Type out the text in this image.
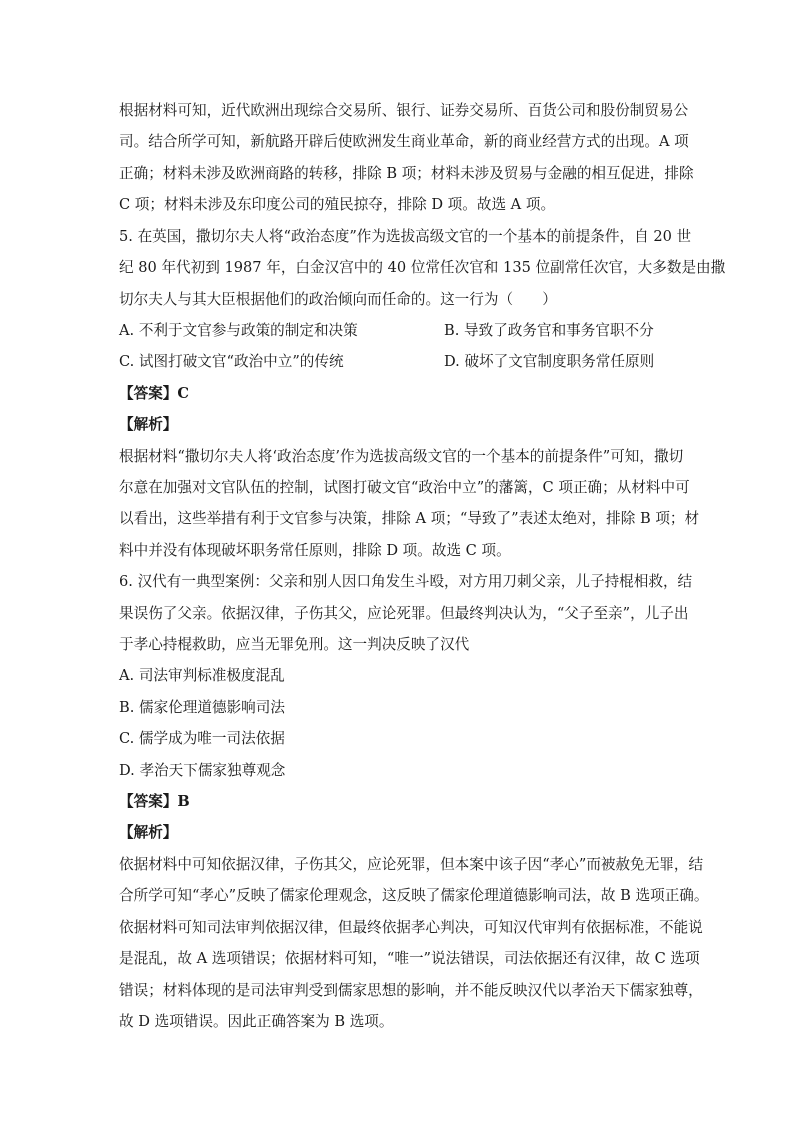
根据材料可知，近代欧洲出现综合交易所、银行、证券交易所、百货公司和股份制贸易公
司。结合所学可知，新航路开辟后使欧洲发生商业革命，新的商业经营方式的出现。A 项
正确；材料未涉及欧洲商路的转移，排除 B 项；材料未涉及贸易与金融的相互促进，排除
C 项；材料未涉及东印度公司的殖民掠夺，排除 D 项。故选 A 项。
5. 在英国，撒切尔夫人将“政治态度”作为选拔高级文官的一个基本的前提条件，自 20 世
纪 80 年代初到 1987 年，白金汉宫中的 40 位常任次官和 135 位副常任次官，大多数是由撒
切尔夫人与其大臣根据他们的政治倾向而任命的。这一行为（　　）
A. 不利于文官参与政策的制定和决策	B. 导致了政务官和事务官职不分
C. 试图打破文官“政治中立”的传统	D. 破坏了文官制度职务常任原则
【答案】C
【解析】
根据材料“撒切尔夫人将‘政治态度’作为选拔高级文官的一个基本的前提条件”可知，撒切
尔意在加强对文官队伍的控制，试图打破文官“政治中立”的藩篱，C 项正确；从材料中可
以看出，这些举措有利于文官参与决策，排除 A 项；“导致了”表述太绝对，排除 B 项；材
料中并没有体现破坏职务常任原则，排除 D 项。故选 C 项。
6. 汉代有一典型案例：父亲和别人因口角发生斗殴，对方用刀刺父亲，儿子持棍相救，结
果误伤了父亲。依据汉律，子伤其父，应论死罪。但最终判决认为，“父子至亲”，儿子出
于孝心持棍救助，应当无罪免刑。这一判决反映了汉代
A. 司法审判标准极度混乱
B. 儒家伦理道德影响司法
C. 儒学成为唯一司法依据
D. 孝治天下儒家独尊观念
【答案】B
【解析】
依据材料中可知依据汉律，子伤其父，应论死罪，但本案中该子因“孝心”而被赦免无罪，结
合所学可知“孝心”反映了儒家伦理观念，这反映了儒家伦理道德影响司法，故 B 选项正确。
依据材料可知司法审判依据汉律，但最终依据孝心判决，可知汉代审判有依据标准，不能说
是混乱，故 A 选项错误；依据材料可知，“唯一”说法错误，司法依据还有汉律，故 C 选项
错误；材料体现的是司法审判受到儒家思想的影响，并不能反映汉代以孝治天下儒家独尊，
故 D 选项错误。因此正确答案为 B 选项。
